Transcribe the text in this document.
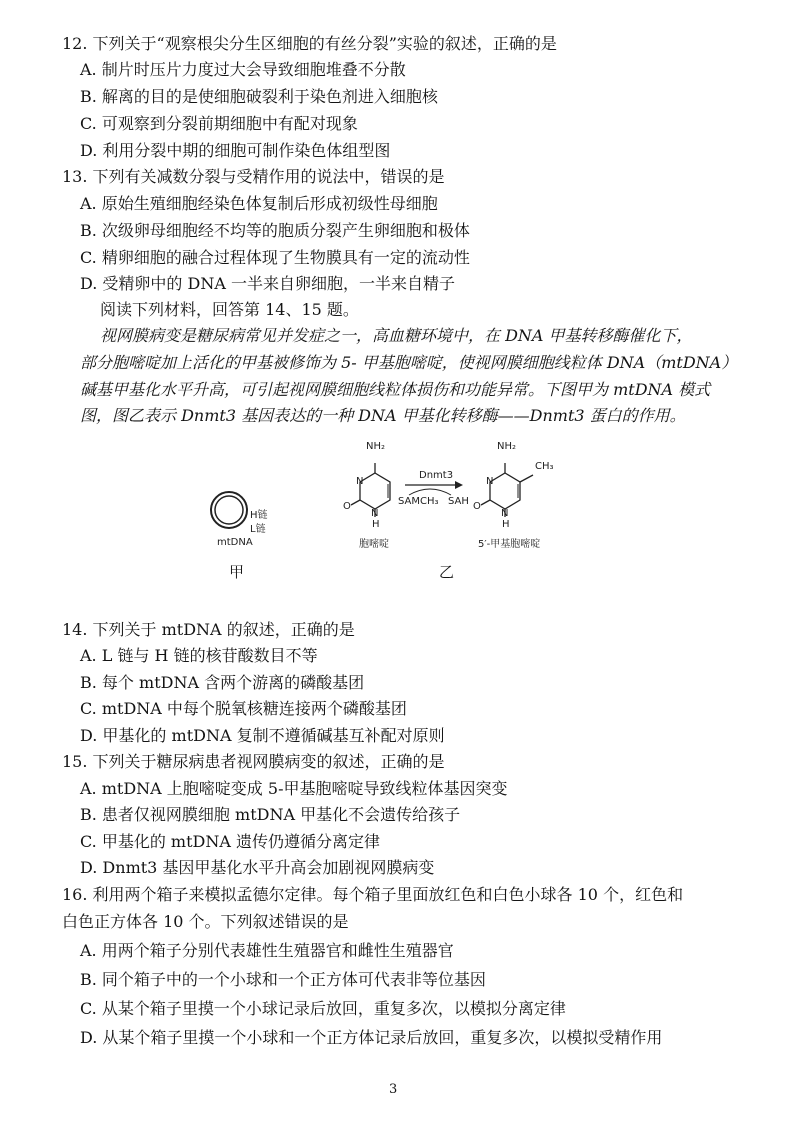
12. 下列关于“观察根尖分生区细胞的有丝分裂”实验的叙述，正确的是
A. 制片时压片力度过大会导致细胞堆叠不分散
B. 解离的目的是使细胞破裂利于染色剂进入细胞核
C. 可观察到分裂前期细胞中有配对现象
D. 利用分裂中期的细胞可制作染色体组型图
13. 下列有关减数分裂与受精作用的说法中，错误的是
A. 原始生殖细胞经染色体复制后形成初级性母细胞
B. 次级卵母细胞经不均等的胞质分裂产生卵细胞和极体
C. 精卵细胞的融合过程体现了生物膜具有一定的流动性
D. 受精卵中的 DNA 一半来自卵细胞，一半来自精子
阅读下列材料，回答第 14、15 题。
视网膜病变是糖尿病常见并发症之一，高血糖环境中，在 DNA 甲基转移酶催化下，
部分胞嘧啶加上活化的甲基被修饰为 5- 甲基胞嘧啶，使视网膜细胞线粒体 DNA（mtDNA）
碱基甲基化水平升高，可引起视网膜细胞线粒体损伤和功能异常。下图甲为 mtDNA 模式
图，图乙表示 Dnmt3 基因表达的一种 DNA 甲基化转移酶——Dnmt3 蛋白的作用。
H链
L链
mtDNA
甲
NH₂	NH₂
CH₃
Dnmt3
SAMCH₃ SAH
O	O
N	N
N	N
H	H
胞嘧啶	5′-甲基胞嘧啶
乙
14. 下列关于 mtDNA 的叙述，正确的是
A. L 链与 H 链的核苷酸数目不等
B. 每个 mtDNA 含两个游离的磷酸基团
C. mtDNA 中每个脱氧核糖连接两个磷酸基团
D. 甲基化的 mtDNA 复制不遵循碱基互补配对原则
15. 下列关于糖尿病患者视网膜病变的叙述，正确的是
A. mtDNA 上胞嘧啶变成 5-甲基胞嘧啶导致线粒体基因突变
B. 患者仅视网膜细胞 mtDNA 甲基化不会遗传给孩子
C. 甲基化的 mtDNA 遗传仍遵循分离定律
D. Dnmt3 基因甲基化水平升高会加剧视网膜病变
16. 利用两个箱子来模拟孟德尔定律。每个箱子里面放红色和白色小球各 10 个，红色和
白色正方体各 10 个。下列叙述错误的是
A. 用两个箱子分别代表雄性生殖器官和雌性生殖器官
B. 同个箱子中的一个小球和一个正方体可代表非等位基因
C. 从某个箱子里摸一个小球记录后放回，重复多次，以模拟分离定律
D. 从某个箱子里摸一个小球和一个正方体记录后放回，重复多次，以模拟受精作用
3
